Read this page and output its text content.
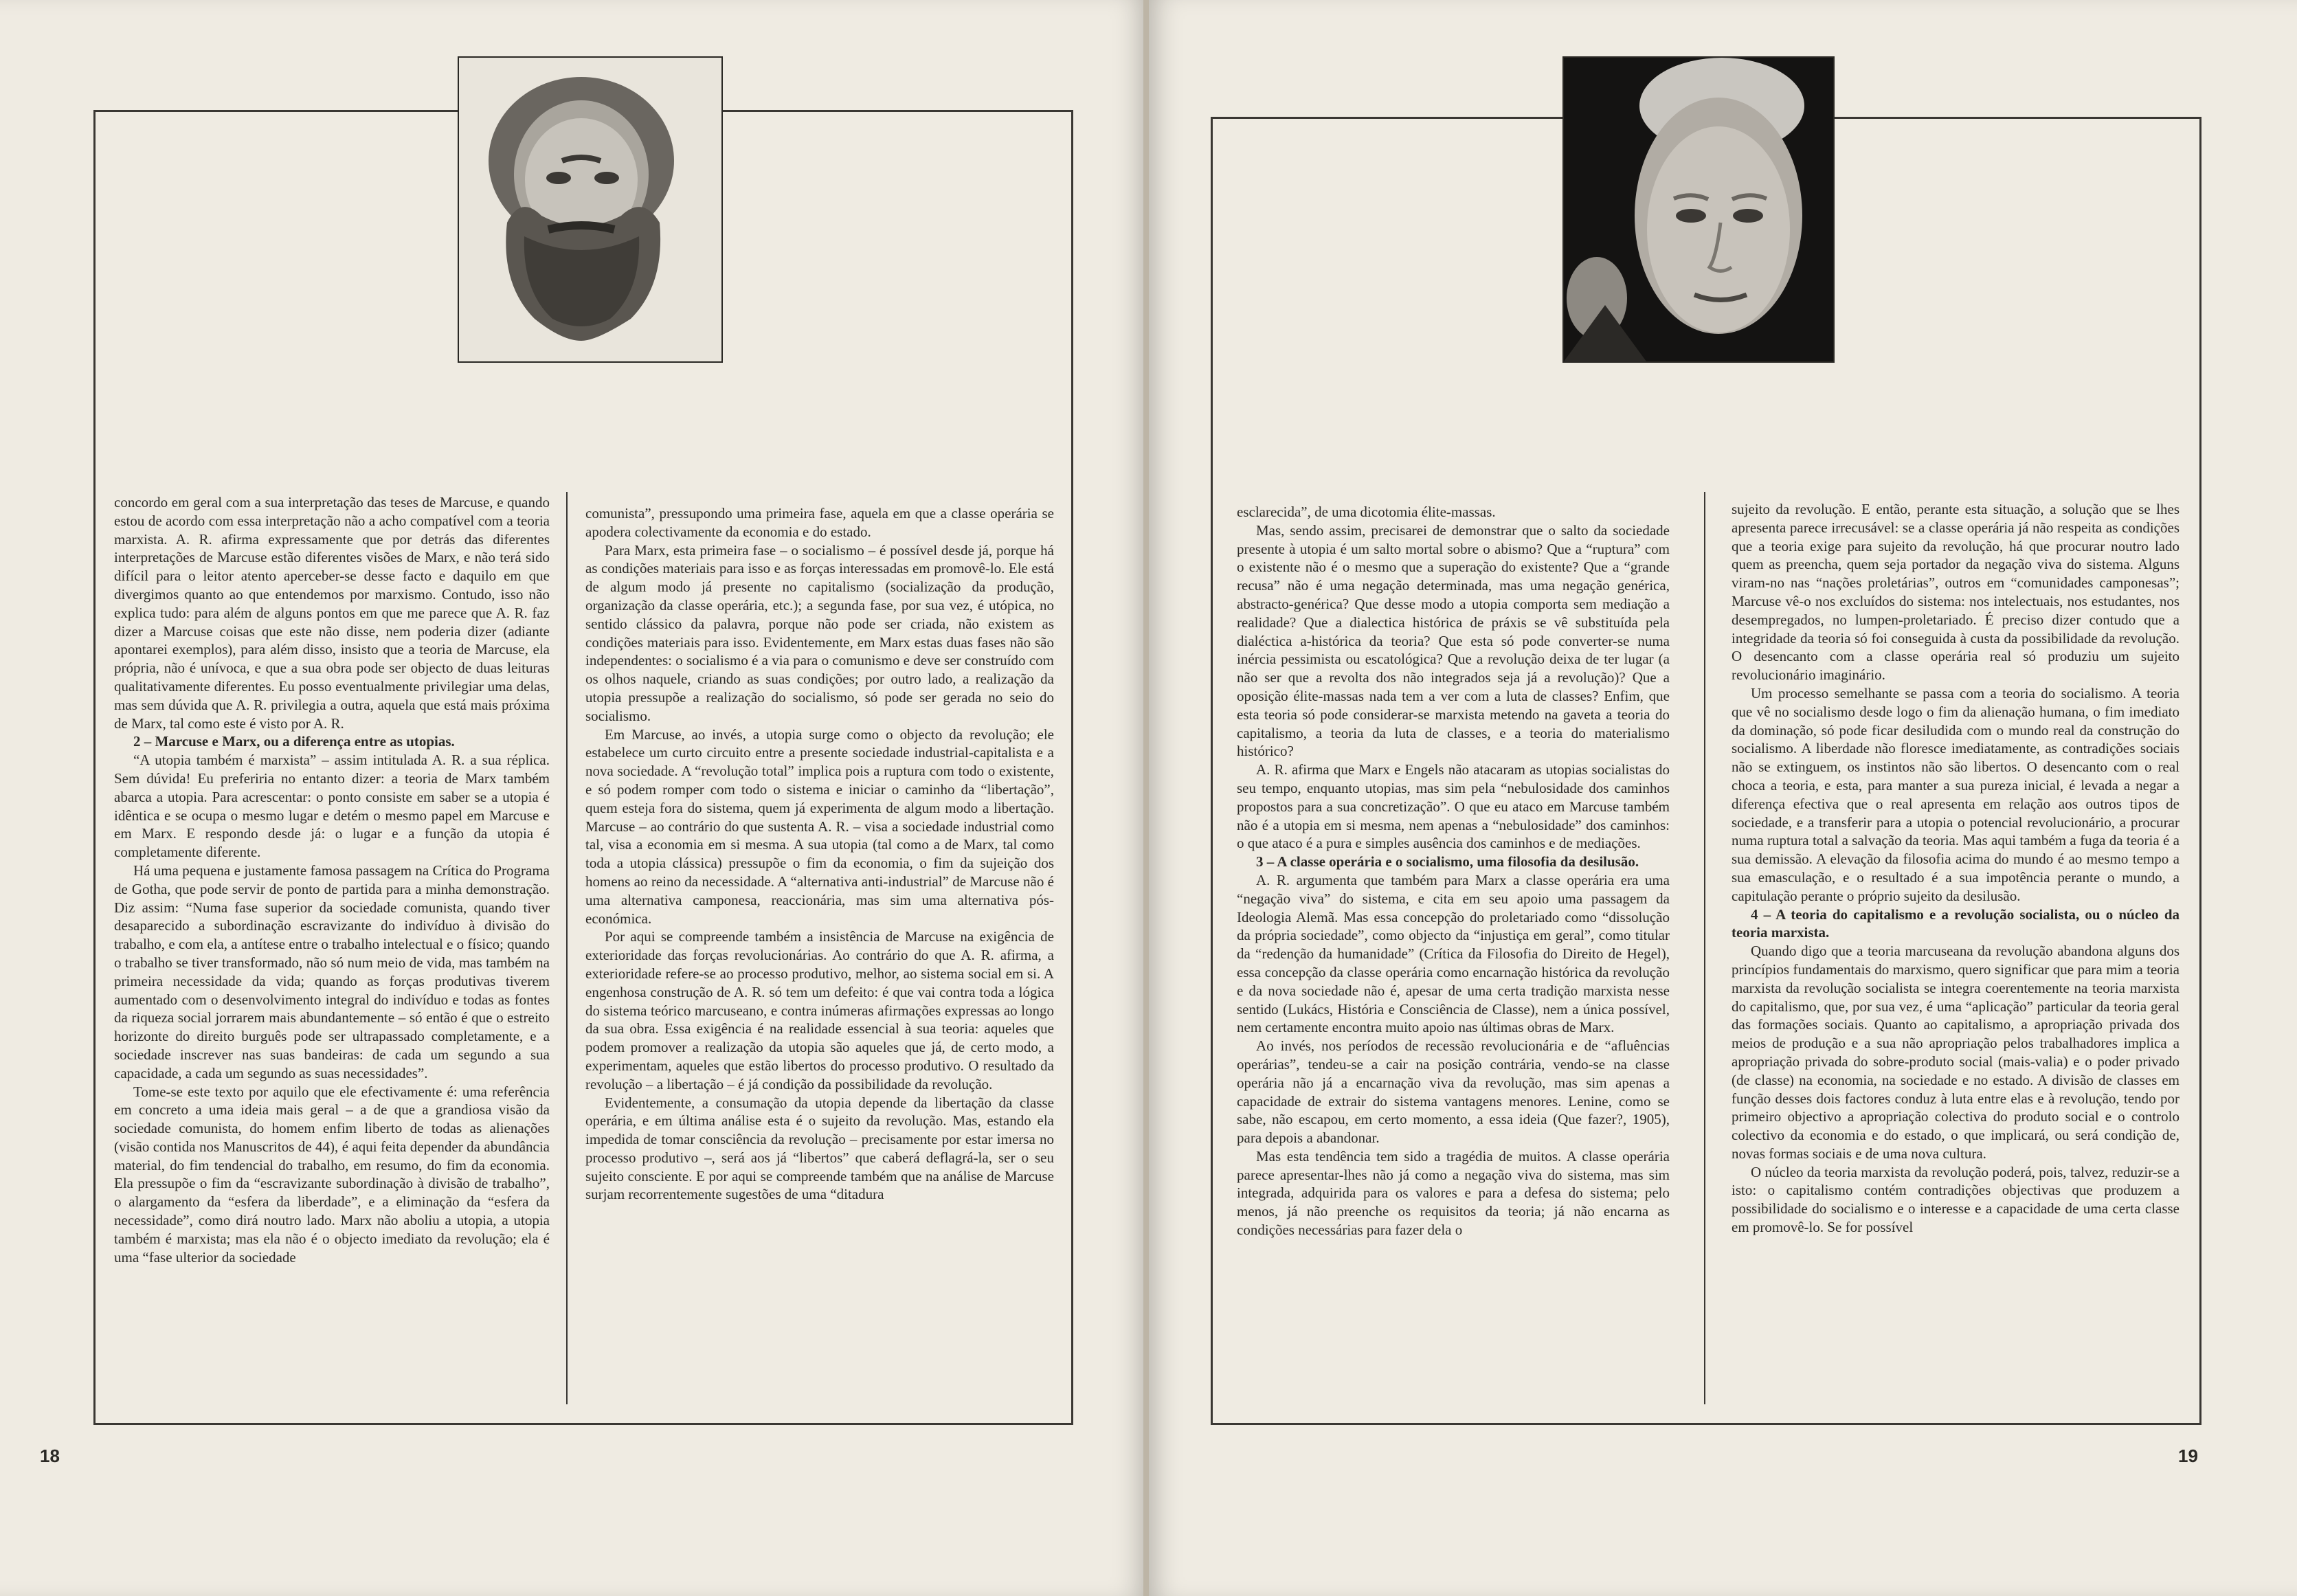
concordo em geral com a sua interpretação das teses de Marcuse, e quando estou de acordo com essa interpretação não a acho compatível com a teoria marxista. A. R. afirma expressamente que por detrás das diferentes interpretações de Marcuse estão diferentes visões de Marx, e não terá sido difícil para o leitor atento aperceber-se desse facto e daquilo em que divergimos quanto ao que entendemos por marxismo. Contudo, isso não explica tudo: para além de alguns pontos em que me parece que A. R. faz dizer a Marcuse coisas que este não disse, nem poderia dizer (adiante apontarei exemplos), para além disso, insisto que a teoria de Marcuse, ela própria, não é unívoca, e que a sua obra pode ser objecto de duas leituras qualitativamente diferentes. Eu posso eventualmente privilegiar uma delas, mas sem dúvida que A. R. privilegia a outra, aquela que está mais próxima de Marx, tal como este é visto por A. R.

2 – Marcuse e Marx, ou a diferença entre as utopias.

“A utopia também é marxista” – assim intitulada A. R. a sua réplica. Sem dúvida! Eu preferiria no entanto dizer: a teoria de Marx também abarca a utopia. Para acrescentar: o ponto consiste em saber se a utopia é idêntica e se ocupa o mesmo lugar e detém o mesmo papel em Marcuse e em Marx. E respondo desde já: o lugar e a função da utopia é completamente diferente.

Há uma pequena e justamente famosa passagem na Crítica do Programa de Gotha, que pode servir de ponto de partida para a minha demonstração. Diz assim: “Numa fase superior da sociedade comunista, quando tiver desaparecido a subordinação escravizante do indivíduo à divisão do trabalho, e com ela, a antítese entre o trabalho intelectual e o físico; quando o trabalho se tiver transformado, não só num meio de vida, mas também na primeira necessidade da vida; quando as forças produtivas tiverem aumentado com o desenvolvimento integral do indivíduo e todas as fontes da riqueza social jorrarem mais abundantemente – só então é que o estreito horizonte do direito burguês pode ser ultrapassado completamente, e a sociedade inscrever nas suas bandeiras: de cada um segundo a sua capacidade, a cada um segundo as suas necessidades”.

Tome-se este texto por aquilo que ele efectivamente é: uma referência em concreto a uma ideia mais geral – a de que a grandiosa visão da sociedade comunista, do homem enfim liberto de todas as alienações (visão contida nos Manuscritos de 44), é aqui feita depender da abundância material, do fim tendencial do trabalho, em resumo, do fim da economia. Ela pressupõe o fim da “escravizante subordinação à divisão de trabalho”, o alargamento da “esfera da liberdade”, e a eliminação da “esfera da necessidade”, como dirá noutro lado. Marx não aboliu a utopia, a utopia também é marxista; mas ela não é o objecto imediato da revolução; ela é uma “fase ulterior da sociedade

comunista”, pressupondo uma primeira fase, aquela em que a classe operária se apodera colectivamente da economia e do estado.

Para Marx, esta primeira fase – o socialismo – é possível desde já, porque há as condições materiais para isso e as forças interessadas em promovê-lo. Ele está de algum modo já presente no capitalismo (socialização da produção, organização da classe operária, etc.); a segunda fase, por sua vez, é utópica, no sentido clássico da palavra, porque não pode ser criada, não existem as condições materiais para isso. Evidentemente, em Marx estas duas fases não são independentes: o socialismo é a via para o comunismo e deve ser construído com os olhos naquele, criando as suas condições; por outro lado, a realização da utopia pressupõe a realização do socialismo, só pode ser gerada no seio do socialismo.

Em Marcuse, ao invés, a utopia surge como o objecto da revolução; ele estabelece um curto circuito entre a presente sociedade industrial-capitalista e a nova sociedade. A “revolução total” implica pois a ruptura com todo o existente, e só podem romper com todo o sistema e iniciar o caminho da “libertação”, quem esteja fora do sistema, quem já experimenta de algum modo a libertação. Marcuse – ao contrário do que sustenta A. R. – visa a sociedade industrial como tal, visa a economia em si mesma. A sua utopia (tal como a de Marx, tal como toda a utopia clássica) pressupõe o fim da economia, o fim da sujeição dos homens ao reino da necessidade. A “alternativa anti-industrial” de Marcuse não é uma alternativa camponesa, reaccionária, mas sim uma alternativa pós-económica.

Por aqui se compreende também a insistência de Marcuse na exigência de exterioridade das forças revolucionárias. Ao contrário do que A. R. afirma, a exterioridade refere-se ao processo produtivo, melhor, ao sistema social em si. A engenhosa construção de A. R. só tem um defeito: é que vai contra toda a lógica do sistema teórico marcuseano, e contra inúmeras afirmações expressas ao longo da sua obra. Essa exigência é na realidade essencial à sua teoria: aqueles que podem promover a realização da utopia são aqueles que já, de certo modo, a experimentam, aqueles que estão libertos do processo produtivo. O resultado da revolução – a libertação – é já condição da possibilidade da revolução.

Evidentemente, a consumação da utopia depende da libertação da classe operária, e em última análise esta é o sujeito da revolução. Mas, estando ela impedida de tomar consciência da revolução – precisamente por estar imersa no processo produtivo –, será aos já “libertos” que caberá deflagrá-la, ser o seu sujeito consciente. E por aqui se compreende também que na análise de Marcuse surjam recorrentemente sugestões de uma “ditadura

18

esclarecida”, de uma dicotomia élite-massas.

Mas, sendo assim, precisarei de demonstrar que o salto da sociedade presente à utopia é um salto mortal sobre o abismo? Que a “ruptura” com o existente não é o mesmo que a superação do existente? Que a “grande recusa” não é uma negação determinada, mas uma negação genérica, abstracto-genérica? Que desse modo a utopia comporta sem mediação a realidade? Que a dialectica histórica de práxis se vê substituída pela dialéctica a-histórica da teoria? Que esta só pode converter-se numa inércia pessimista ou escatológica? Que a revolução deixa de ter lugar (a não ser que a revolta dos não integrados seja já a revolução)? Que a oposição élite-massas nada tem a ver com a luta de classes? Enfim, que esta teoria só pode considerar-se marxista metendo na gaveta a teoria do capitalismo, a teoria da luta de classes, e a teoria do materialismo histórico?

A. R. afirma que Marx e Engels não atacaram as utopias socialistas do seu tempo, enquanto utopias, mas sim pela “nebulosidade dos caminhos propostos para a sua concretização”. O que eu ataco em Marcuse também não é a utopia em si mesma, nem apenas a “nebulosidade” dos caminhos: o que ataco é a pura e simples ausência dos caminhos e de mediações.

3 – A classe operária e o socialismo, uma filosofia da desilusão.

A. R. argumenta que também para Marx a classe operária era uma “negação viva” do sistema, e cita em seu apoio uma passagem da Ideologia Alemã. Mas essa concepção do proletariado como “dissolução da própria sociedade”, como objecto da “injustiça em geral”, como titular da “redenção da humanidade” (Crítica da Filosofia do Direito de Hegel), essa concepção da classe operária como encarnação histórica da revolução e da nova sociedade não é, apesar de uma certa tradição marxista nesse sentido (Lukács, História e Consciência de Classe), nem a única possível, nem certamente encontra muito apoio nas últimas obras de Marx.

Ao invés, nos períodos de recessão revolucionária e de “afluências operárias”, tendeu-se a cair na posição contrária, vendo-se na classe operária não já a encarnação viva da revolução, mas sim apenas a capacidade de extrair do sistema vantagens menores. Lenine, como se sabe, não escapou, em certo momento, a essa ideia (Que fazer?, 1905), para depois a abandonar.

Mas esta tendência tem sido a tragédia de muitos. A classe operária parece apresentar-lhes não já como a negação viva do sistema, mas sim integrada, adquirida para os valores e para a defesa do sistema; pelo menos, já não preenche os requisitos da teoria; já não encarna as condições necessárias para fazer dela o

sujeito da revolução. E então, perante esta situação, a solução que se lhes apresenta parece irrecusável: se a classe operária já não respeita as condições que a teoria exige para sujeito da revolução, há que procurar noutro lado quem as preencha, quem seja portador da negação viva do sistema. Alguns viram-no nas “nações proletárias”, outros em “comunidades camponesas”; Marcuse vê-o nos excluídos do sistema: nos intelectuais, nos estudantes, nos desempregados, no lumpen-proletariado. É preciso dizer contudo que a integridade da teoria só foi conseguida à custa da possibilidade da revolução. O desencanto com a classe operária real só produziu um sujeito revolucionário imaginário.

Um processo semelhante se passa com a teoria do socialismo. A teoria que vê no socialismo desde logo o fim da alienação humana, o fim imediato da dominação, só pode ficar desiludida com o mundo real da construção do socialismo. A liberdade não floresce imediatamente, as contradições sociais não se extinguem, os instintos não são libertos. O desencanto com o real choca a teoria, e esta, para manter a sua pureza inicial, é levada a negar a diferença efectiva que o real apresenta em relação aos outros tipos de sociedade, e a transferir para a utopia o potencial revolucionário, a procurar numa ruptura total a salvação da teoria. Mas aqui também a fuga da teoria é a sua demissão. A elevação da filosofia acima do mundo é ao mesmo tempo a sua emasculação, e o resultado é a sua impotência perante o mundo, a capitulação perante o próprio sujeito da desilusão.

4 – A teoria do capitalismo e a revolução socialista, ou o núcleo da teoria marxista.

Quando digo que a teoria marcuseana da revolução abandona alguns dos princípios fundamentais do marxismo, quero significar que para mim a teoria marxista da revolução socialista se integra coerentemente na teoria marxista do capitalismo, que, por sua vez, é uma “aplicação” particular da teoria geral das formações sociais. Quanto ao capitalismo, a apropriação privada dos meios de produção e a sua não apropriação pelos trabalhadores implica a apropriação privada do sobre-produto social (mais-valia) e o poder privado (de classe) na economia, na sociedade e no estado. A divisão de classes em função desses dois factores conduz à luta entre elas e à revolução, tendo por primeiro objectivo a apropriação colectiva do produto social e o controlo colectivo da economia e do estado, o que implicará, ou será condição de, novas formas sociais e de uma nova cultura.

O núcleo da teoria marxista da revolução poderá, pois, talvez, reduzir-se a isto: o capitalismo contém contradições objectivas que produzem a possibilidade do socialismo e o interesse e a capacidade de uma certa classe em promovê-lo. Se for possível

19
